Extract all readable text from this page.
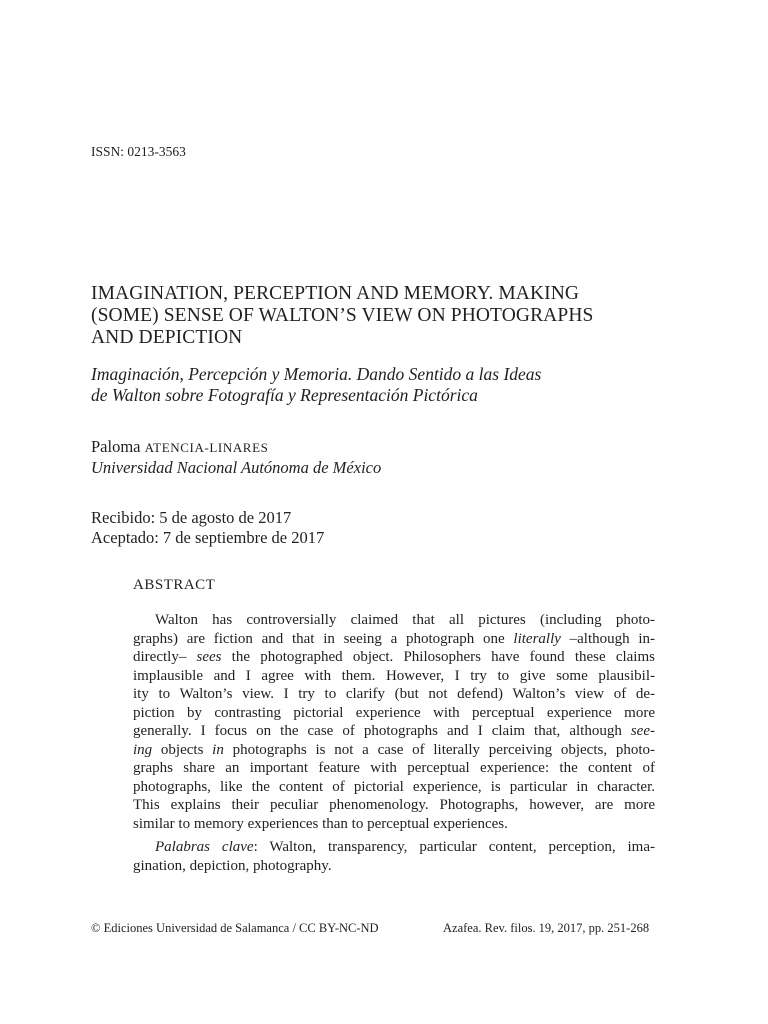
ISSN: 0213-3563

IMAGINATION, PERCEPTION AND MEMORY. MAKING
(SOME) SENSE OF WALTON’S VIEW ON PHOTOGRAPHS
AND DEPICTION
Imaginación, Percepción y Memoria. Dando Sentido a las Ideas
de Walton sobre Fotografía y Representación Pictórica
Paloma ATENCIA-LINARES
Universidad Nacional Autónoma de México
Recibido: 5 de agosto de 2017
Aceptado: 7 de septiembre de 2017
ABSTRACT
Walton has controversially claimed that all pictures (including photo-
graphs) are fiction and that in seeing a photograph one literally –although in-
directly– sees the photographed object. Philosophers have found these claims
implausible and I agree with them. However, I try to give some plausibil-
ity to Walton’s view. I try to clarify (but not defend) Walton’s view of de-
piction by contrasting pictorial experience with perceptual experience more
generally. I focus on the case of photographs and I claim that, although see-
ing objects in photographs is not a case of literally perceiving objects, photo-
graphs share an important feature with perceptual experience: the content of
photographs, like the content of pictorial experience, is particular in character.
This explains their peculiar phenomenology. Photographs, however, are more
similar to memory experiences than to perceptual experiences.
Palabras clave: Walton, transparency, particular content, perception, ima-
gination, depiction, photography.
© Ediciones Universidad de Salamanca / CC BY-NC-ND	Azafea. Rev. filos. 19, 2017, pp. 251-268
